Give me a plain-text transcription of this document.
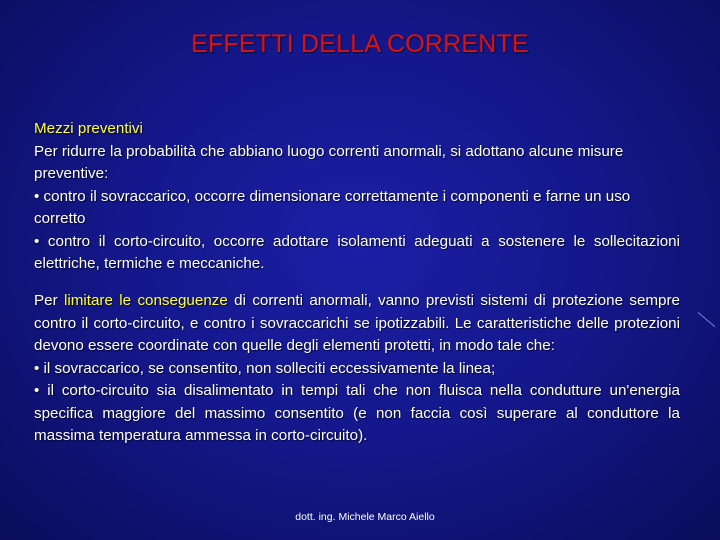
EFFETTI DELLA CORRENTE

Mezzi preventivi

Per ridurre la probabilità che abbiano luogo correnti anormali, si adottano alcune misure preventive:

• contro il sovraccarico, occorre dimensionare correttamente i componenti e farne un uso corretto

• contro il corto-circuito, occorre adottare isolamenti adeguati a sostenere le sollecitazioni elettriche, termiche e meccaniche.

Per limitare le conseguenze di correnti anormali, vanno previsti sistemi di protezione sempre contro il corto-circuito, e contro i sovraccarichi se ipotizzabili. Le caratteristiche delle protezioni devono essere coordinate con quelle degli elementi protetti, in modo tale che:

• il sovraccarico, se consentito, non solleciti eccessivamente la linea;

• il corto-circuito sia disalimentato in tempi tali che non fluisca nella condutture un'energia specifica maggiore del massimo consentito (e non faccia così superare al conduttore la massima temperatura ammessa in corto-circuito).

dott. ing. Michele Marco Aiello
